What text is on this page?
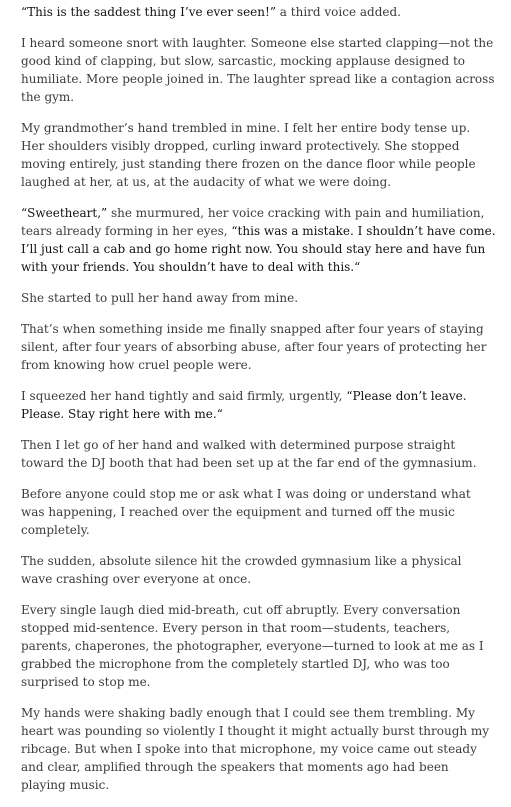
“This is the saddest thing I’ve ever seen!” a third voice added.

I heard someone snort with laughter. Someone else started clapping—not the good kind of clapping, but slow, sarcastic, mocking applause designed to humiliate. More people joined in. The laughter spread like a contagion across the gym.

My grandmother’s hand trembled in mine. I felt her entire body tense up. Her shoulders visibly dropped, curling inward protectively. She stopped moving entirely, just standing there frozen on the dance floor while people laughed at her, at us, at the audacity of what we were doing.

“Sweetheart,” she murmured, her voice cracking with pain and humiliation, tears already forming in her eyes, “this was a mistake. I shouldn’t have come. I’ll just call a cab and go home right now. You should stay here and have fun with your friends. You shouldn’t have to deal with this.“

She started to pull her hand away from mine.

That’s when something inside me finally snapped after four years of staying silent, after four years of absorbing abuse, after four years of protecting her from knowing how cruel people were.

I squeezed her hand tightly and said firmly, urgently, “Please don’t leave. Please. Stay right here with me.“

Then I let go of her hand and walked with determined purpose straight toward the DJ booth that had been set up at the far end of the gymnasium.

Before anyone could stop me or ask what I was doing or understand what was happening, I reached over the equipment and turned off the music completely.

The sudden, absolute silence hit the crowded gymnasium like a physical wave crashing over everyone at once.

Every single laugh died mid-breath, cut off abruptly. Every conversation stopped mid-sentence. Every person in that room—students, teachers, parents, chaperones, the photographer, everyone—turned to look at me as I grabbed the microphone from the completely startled DJ, who was too surprised to stop me.

My hands were shaking badly enough that I could see them trembling. My heart was pounding so violently I thought it might actually burst through my ribcage. But when I spoke into that microphone, my voice came out steady and clear, amplified through the speakers that moments ago had been playing music.
